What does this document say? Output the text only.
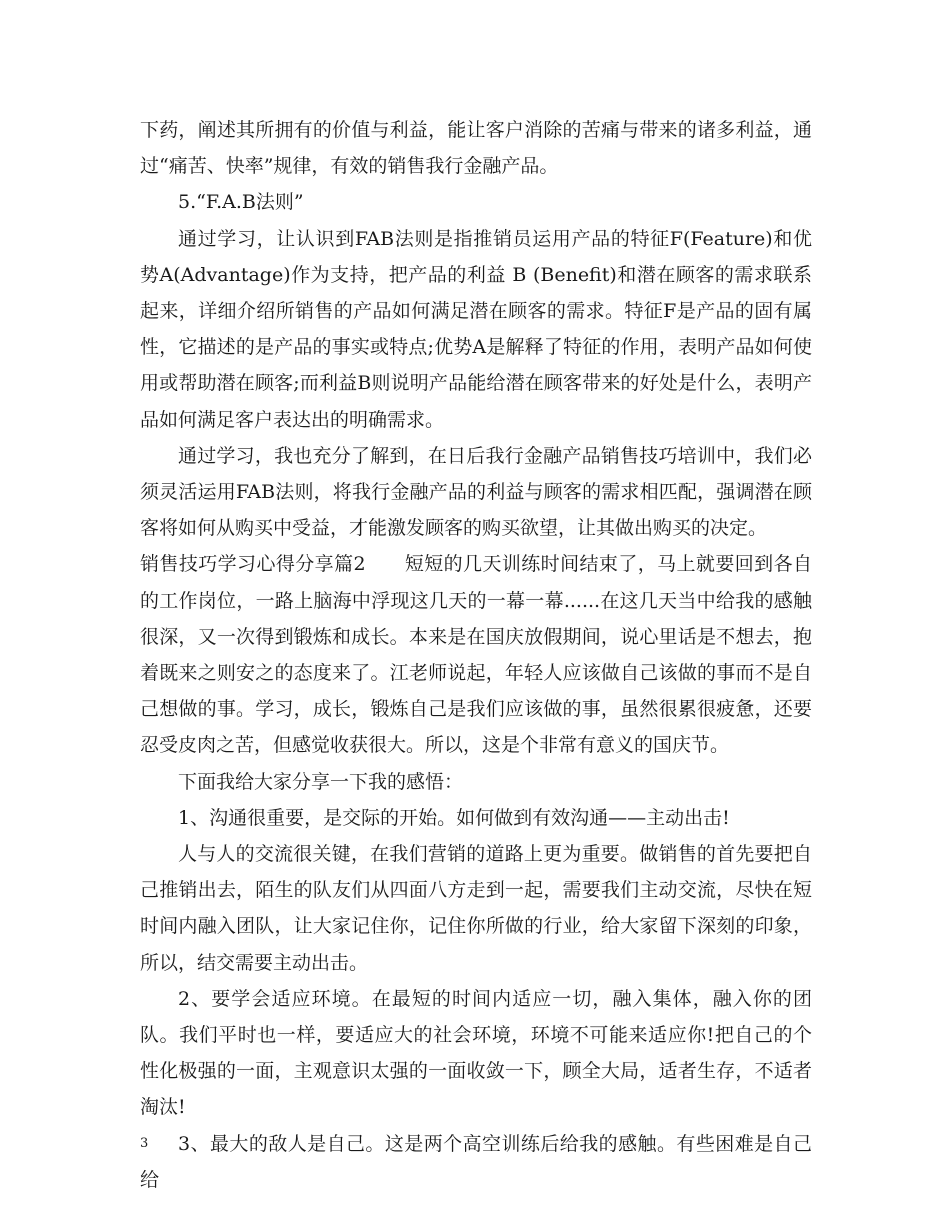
下药，阐述其所拥有的价值与利益，能让客户消除的苦痛与带来的诸多利益，通过“痛苦、快率”规律，有效的销售我行金融产品。

5.“F.A.B法则”

通过学习，让认识到FAB法则是指推销员运用产品的特征F(Feature)和优势A(Advantage)作为支持，把产品的利益 B (Benefit)和潜在顾客的需求联系起来，详细介绍所销售的产品如何满足潜在顾客的需求。特征F是产品的固有属性，它描述的是产品的事实或特点;优势A是解释了特征的作用，表明产品如何使用或帮助潜在顾客;而利益B则说明产品能给潜在顾客带来的好处是什么，表明产品如何满足客户表达出的明确需求。

通过学习，我也充分了解到，在日后我行金融产品销售技巧培训中，我们必须灵活运用FAB法则，将我行金融产品的利益与顾客的需求相匹配，强调潜在顾客将如何从购买中受益，才能激发顾客的购买欲望，让其做出购买的决定。

销售技巧学习心得分享篇2　　短短的几天训练时间结束了，马上就要回到各自的工作岗位，一路上脑海中浮现这几天的一幕一幕......在这几天当中给我的感触很深，又一次得到锻炼和成长。本来是在国庆放假期间，说心里话是不想去，抱着既来之则安之的态度来了。江老师说起，年轻人应该做自己该做的事而不是自己想做的事。学习，成长，锻炼自己是我们应该做的事，虽然很累很疲惫，还要忍受皮肉之苦，但感觉收获很大。所以，这是个非常有意义的国庆节。

下面我给大家分享一下我的感悟：

1、沟通很重要，是交际的开始。如何做到有效沟通——主动出击!

人与人的交流很关键，在我们营销的道路上更为重要。做销售的首先要把自己推销出去，陌生的队友们从四面八方走到一起，需要我们主动交流，尽快在短时间内融入团队，让大家记住你，记住你所做的行业，给大家留下深刻的印象，所以，结交需要主动出击。

2、要学会适应环境。在最短的时间内适应一切，融入集体，融入你的团队。我们平时也一样，要适应大的社会环境，环境不可能来适应你!把自己的个性化极强的一面，主观意识太强的一面收敛一下，顾全大局，适者生存，不适者淘汰!

3、最大的敌人是自己。这是两个高空训练后给我的感触。有些困难是自己给

3
